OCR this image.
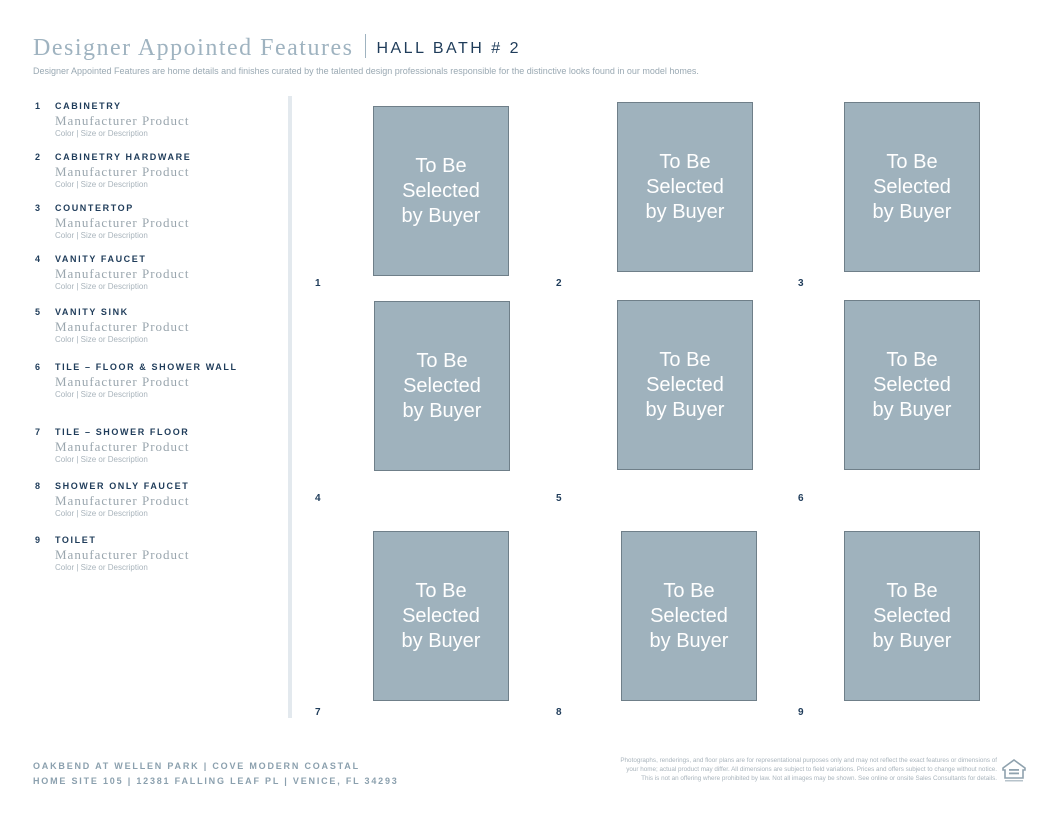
Designer Appointed Features HALL BATH # 2
Designer Appointed Features are home details and finishes curated by the talented design professionals responsible for the distinctive looks found in our model homes.
1 CABINETRY
Manufacturer Product
Color | Size or Description
2 CABINETRY HARDWARE
Manufacturer Product
Color | Size or Description
3 COUNTERTOP
Manufacturer Product
Color | Size or Description
4 VANITY FAUCET
Manufacturer Product
Color | Size or Description
5 VANITY SINK
Manufacturer Product
Color | Size or Description
6 TILE – FLOOR & SHOWER WALL
Manufacturer Product
Color | Size or Description
7 TILE – SHOWER FLOOR
Manufacturer Product
Color | Size or Description
8 SHOWER ONLY FAUCET
Manufacturer Product
Color | Size or Description
9 TOILET
Manufacturer Product
Color | Size or Description
To Be
Selected
by Buyer
1
To Be
Selected
by Buyer
2
To Be
Selected
by Buyer
3
To Be
Selected
by Buyer
4
To Be
Selected
by Buyer
5
To Be
Selected
by Buyer
6
To Be
Selected
by Buyer
7
To Be
Selected
by Buyer
8
To Be
Selected
by Buyer
9
OAKBEND AT WELLEN PARK | COVE MODERN COASTAL
HOME SITE 105 | 12381 FALLING LEAF PL | VENICE, FL 34293
Photographs, renderings, and floor plans are for representational purposes only and may not reflect the exact features or dimensions of
your home; actual product may differ. All dimensions are subject to field variations. Prices and offers subject to change without notice.
This is not an offering where prohibited by law. Not all images may be shown. See online or onsite Sales Consultants for details.
